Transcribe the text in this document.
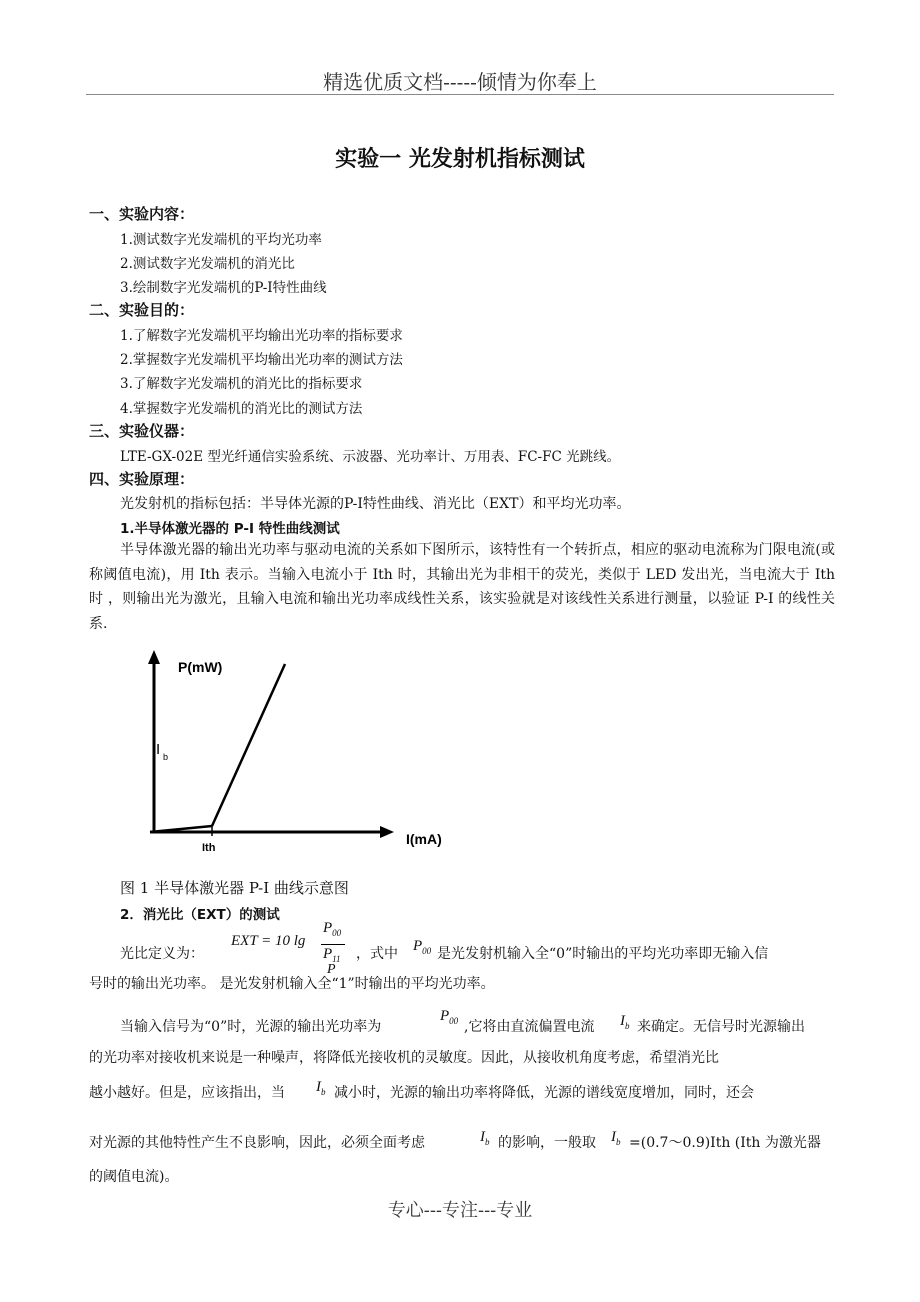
精选优质文档-----倾情为你奉上
实验一 光发射机指标测试
一、实验内容：
1.测试数字光发端机的平均光功率
2.测试数字光发端机的消光比
3.绘制数字光发端机的P-I特性曲线
二、实验目的：
1.了解数字光发端机平均输出光功率的指标要求
2.掌握数字光发端机平均输出光功率的测试方法
3.了解数字光发端机的消光比的指标要求
4.掌握数字光发端机的消光比的测试方法
三、实验仪器：
LTE-GX-02E 型光纤通信实验系统、示波器、光功率计、万用表、FC-FC 光跳线。
四、实验原理：
光发射机的指标包括：半导体光源的P-I特性曲线、消光比（EXT）和平均光功率。
1.半导体激光器的 P-I 特性曲线测试
半导体激光器的输出光功率与驱动电流的关系如下图所示，该特性有一个转折点，相应的驱动电流称为门限电流(或称阈值电流)，用 Ith 表示。当输入电流小于 Ith 时，其输出光为非相干的荧光，类似于 LED 发出光，当电流大于 Ith 时 ，则输出光为激光，且输入电流和输出光功率成线性关系，该实验就是对该线性关系进行测量，以验证 P-I 的线性关系.
P(mW)
I(mA)
I b
Ith
图 1 半导体激光器 P-I 曲线示意图
2．消光比（EXT）的测试
光比定义为：
EXT = 10 lg
$P_{00}$
$P_{11}$
P
，式中 $P_{00}$ 是光发射机输入全“0”时输出的平均光功率即无输入信
号时的输出光功率。 是光发射机输入全“1”时输出的平均光功率。
当输入信号为“0”时，光源的输出光功率为
$P_{00}$ ,它将由直流偏置电流 $I_b$ 来确定。无信号时光源输出
的光功率对接收机来说是一种噪声，将降低光接收机的灵敏度。因此，从接收机角度考虑，希望消光比
越小越好。但是，应该指出，当 $I_b$ 减小时，光源的输出功率将降低，光源的谱线宽度增加，同时，还会
对光源的其他特性产生不良影响，因此，必须全面考虑	$I_b$ 的影响，一般取 $I_b$ =(0.7～0.9)Ith (Ith 为激光器
的阈值电流)。
专心---专注---专业
